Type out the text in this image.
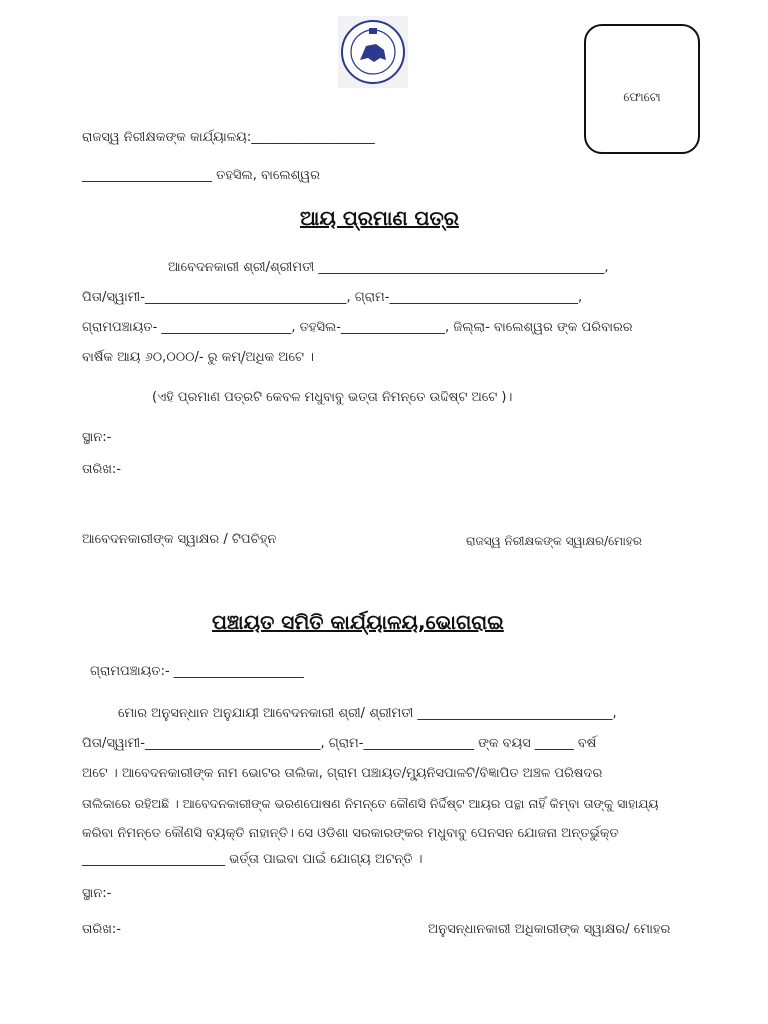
ଫୋଟୋ
ରାଜସ୍ୱ ନିରୀକ୍ଷକଙ୍କ କାର୍ଯ୍ୟାଳୟ:___________________
____________________ ତହସିଲ, ବାଲେଶ୍ୱର
ଆୟ ପ୍ରମାଣ ପତ୍ର
ଆବେଦନକାରୀ ଶ୍ରୀ/ଶ୍ରୀମତୀ ____________________________________________,
ପିତା/ସ୍ୱାମୀ-_______________________________, ଗ୍ରାମ-_____________________________,
ଗ୍ରାମପଞ୍ଚାୟତ- ____________________, ତହସିଲ-________________, ଜିଲ୍ଲା- ବାଲେଶ୍ୱର ଙ୍କ ପରିବାରର
ବାର୍ଷିକ ଆୟ ୬୦,୦୦୦/- ରୁ କମ୍/ଅଧିକ ଅଟେ ।
(ଏହି ପ୍ରମାଣ ପତ୍ରଟି କେବଳ ମଧୁବାବୁ ଭତ୍ତା ନିମନ୍ତେ ଉଦ୍ଦିଷ୍ଟ ଅଟେ )।
ସ୍ଥାନ:-
ତାରିଖ:-
ଆବେଦନକାରୀଙ୍କ ସ୍ୱାକ୍ଷର / ଟିପଚିହ୍ନ	ରାଜସ୍ୱ ନିରୀକ୍ଷକଙ୍କ ସ୍ୱାକ୍ଷର/ମୋହର
ପଞ୍ଚାୟତ ସମିତି କାର୍ଯ୍ୟାଳୟ,ଭୋଗରାଇ
ଗ୍ରାମପଞ୍ଚାୟତ:- ____________________
ମୋର ଅନୁସନ୍ଧାନ ଅନୁଯାୟୀ ଆବେଦନକାରୀ ଶ୍ରୀ/ ଶ୍ରୀମତୀ ______________________________,
ପିତା/ସ୍ୱାମୀ-___________________________, ଗ୍ରାମ-_________________ ଙ୍କ ବୟସ ______ ବର୍ଷ
ଅଟେ । ଆବେଦନକାରୀଙ୍କ ନାମ ଭୋଟର ତାଲିକା, ଗ୍ରାମ ପଞ୍ଚାୟତ/ମ୍ୟୁନିସପାଳଟି/ବିଜ୍ଞାପିତ ଅଞ୍ଚଳ ପରିଷଦର
ତାଲିକାରେ ରହିଅଛି । ଆବେଦନକାରୀଙ୍କ ଭରଣପୋଷଣ ନିମନ୍ତେ କୌଣସି ନିର୍ଦ୍ଦିଷ୍ଟ ଆୟର ପନ୍ଥା ନାହିଁ କିମ୍ବା ତାଙ୍କୁ ସାହାଯ୍ୟ
କରିବା ନିମନ୍ତେ କୌଣସି ବ୍ୟକ୍ତି ନାହାନ୍ତି। ସେ ଓଡିଶା ସରକାରଙ୍କର ମଧୁବାବୁ ପେନସନ ଯୋଜନା ଅନ୍ତର୍ଭୁକ୍ତ
______________________ ଭର୍ତ୍ତା ପାଇବା ପାଇଁ ଯୋଗ୍ୟ ଅଟନ୍ତି ।
ସ୍ଥାନ:-
ତାରିଖ:-	ଅନୁସନ୍ଧାନକାରୀ ଅଧିକାରୀଙ୍କ ସ୍ୱାକ୍ଷର/ ମୋହର
